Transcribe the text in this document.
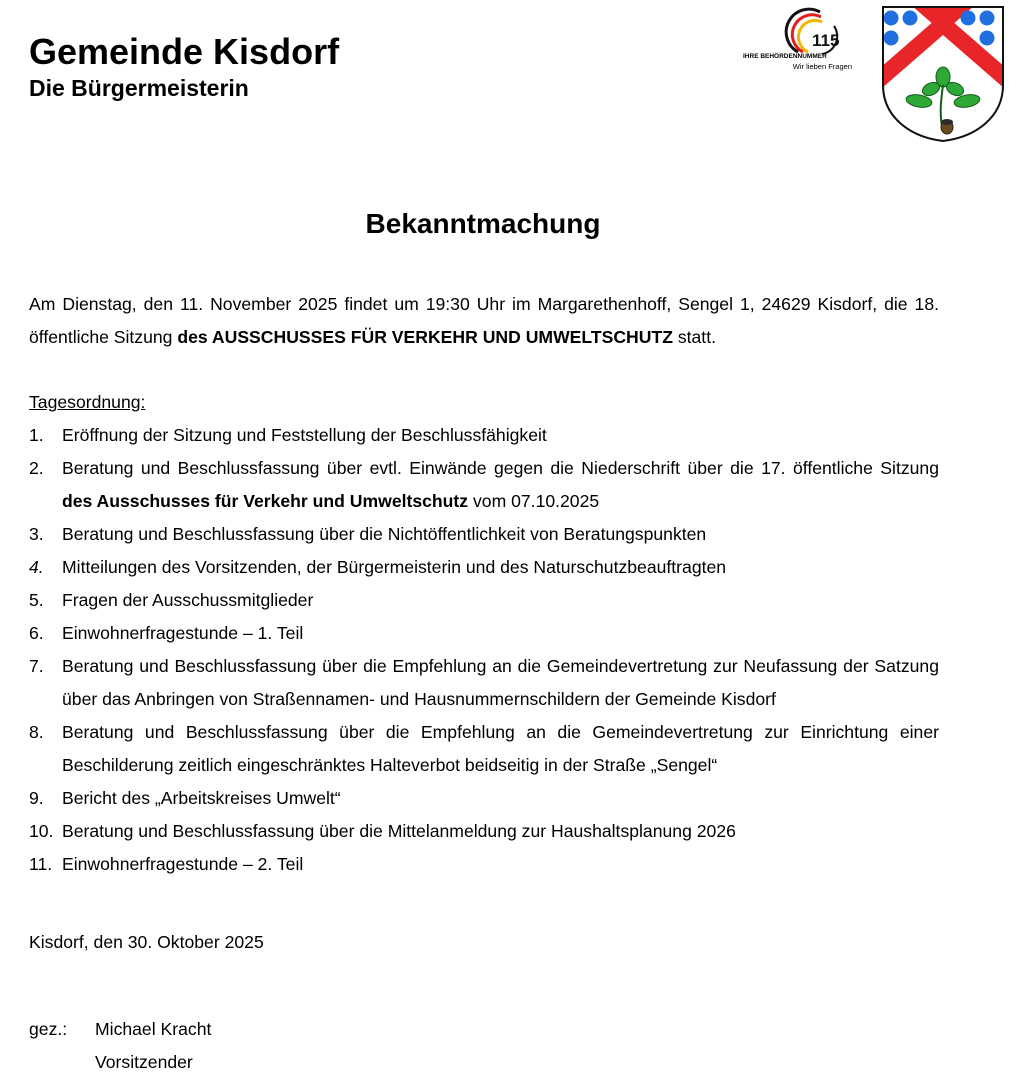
Gemeinde Kisdorf
Die Bürgermeisterin
115
IHRE BEHÖRDENNUMMER
Wir lieben Fragen
Bekanntmachung

Am Dienstag, den 11. November 2025 findet um 19:30 Uhr im Margarethenhoff, Sengel 1, 24629 Kisdorf, die 18. öffentliche Sitzung des AUSSCHUSSES FÜR VERKEHR UND UMWELTSCHUTZ statt.

Tagesordnung:

1. Eröffnung der Sitzung und Feststellung der Beschlussfähigkeit
2. Beratung und Beschlussfassung über evtl. Einwände gegen die Niederschrift über die 17. öffentliche Sitzung des Ausschusses für Verkehr und Umweltschutz vom 07.10.2025
3. Beratung und Beschlussfassung über die Nichtöffentlichkeit von Beratungspunkten
4. Mitteilungen des Vorsitzenden, der Bürgermeisterin und des Naturschutzbeauftragten
5. Fragen der Ausschussmitglieder
6. Einwohnerfragestunde – 1. Teil
7. Beratung und Beschlussfassung über die Empfehlung an die Gemeindevertretung zur Neufassung der Satzung über das Anbringen von Straßennamen- und Hausnummernschildern der Gemeinde Kisdorf
8. Beratung und Beschlussfassung über die Empfehlung an die Gemeindevertretung zur Einrichtung einer Beschilderung zeitlich eingeschränktes Halteverbot beidseitig in der Straße „Sengel“
9. Bericht des „Arbeitskreises Umwelt“
10. Beratung und Beschlussfassung über die Mittelanmeldung zur Haushaltsplanung 2026
11. Einwohnerfragestunde – 2. Teil

Kisdorf, den 30. Oktober 2025

gez.: Michael Kracht
Vorsitzender
